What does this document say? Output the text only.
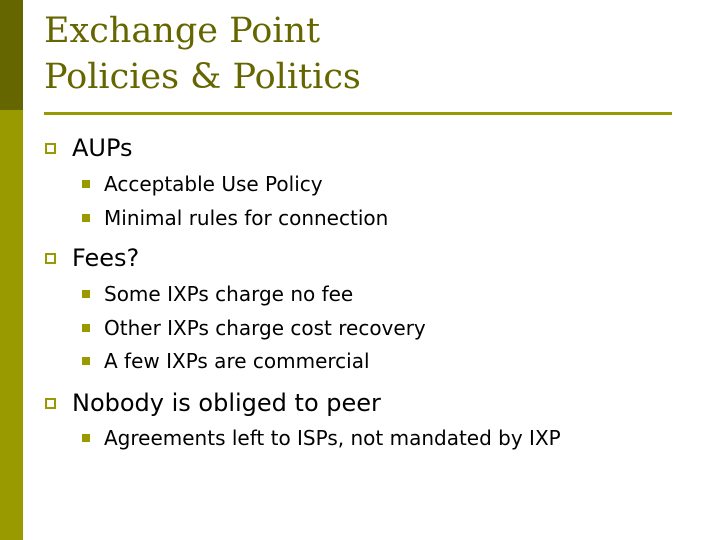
Exchange Point
Policies & Politics
AUPs
Acceptable Use Policy
Minimal rules for connection
Fees?
Some IXPs charge no fee
Other IXPs charge cost recovery
A few IXPs are commercial
Nobody is obliged to peer
Agreements left to ISPs, not mandated by IXP
